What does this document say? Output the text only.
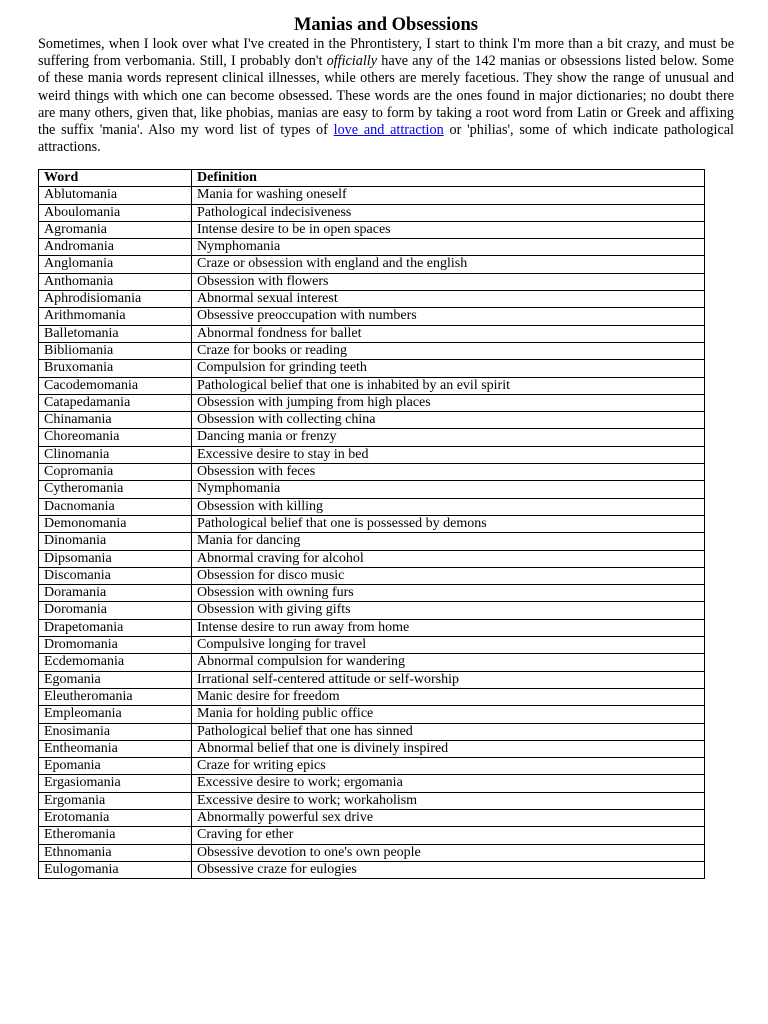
Manias and Obsessions

Sometimes, when I look over what I've created in the Phrontistery, I start to think I'm more than a bit crazy, and must be suffering from verbomania. Still, I probably don't officially have any of the 142 manias or obsessions listed below. Some of these mania words represent clinical illnesses, while others are merely facetious. They show the range of unusual and weird things with which one can become obsessed. These words are the ones found in major dictionaries; no doubt there are many others, given that, like phobias, manias are easy to form by taking a root word from Latin or Greek and affixing the suffix 'mania'. Also my word list of types of love and attraction or 'philias', some of which indicate pathological attractions.

Word	Definition
Ablutomania	Mania for washing oneself
Aboulomania	Pathological indecisiveness
Agromania	Intense desire to be in open spaces
Andromania	Nymphomania
Anglomania	Craze or obsession with england and the english
Anthomania	Obsession with flowers
Aphrodisiomania	Abnormal sexual interest
Arithmomania	Obsessive preoccupation with numbers
Balletomania	Abnormal fondness for ballet
Bibliomania	Craze for books or reading
Bruxomania	Compulsion for grinding teeth
Cacodemomania	Pathological belief that one is inhabited by an evil spirit
Catapedamania	Obsession with jumping from high places
Chinamania	Obsession with collecting china
Choreomania	Dancing mania or frenzy
Clinomania	Excessive desire to stay in bed
Copromania	Obsession with feces
Cytheromania	Nymphomania
Dacnomania	Obsession with killing
Demonomania	Pathological belief that one is possessed by demons
Dinomania	Mania for dancing
Dipsomania	Abnormal craving for alcohol
Discomania	Obsession for disco music
Doramania	Obsession with owning furs
Doromania	Obsession with giving gifts
Drapetomania	Intense desire to run away from home
Dromomania	Compulsive longing for travel
Ecdemomania	Abnormal compulsion for wandering
Egomania	Irrational self-centered attitude or self-worship
Eleutheromania	Manic desire for freedom
Empleomania	Mania for holding public office
Enosimania	Pathological belief that one has sinned
Entheomania	Abnormal belief that one is divinely inspired
Epomania	Craze for writing epics
Ergasiomania	Excessive desire to work; ergomania
Ergomania	Excessive desire to work; workaholism
Erotomania	Abnormally powerful sex drive
Etheromania	Craving for ether
Ethnomania	Obsessive devotion to one's own people
Eulogomania	Obsessive craze for eulogies
